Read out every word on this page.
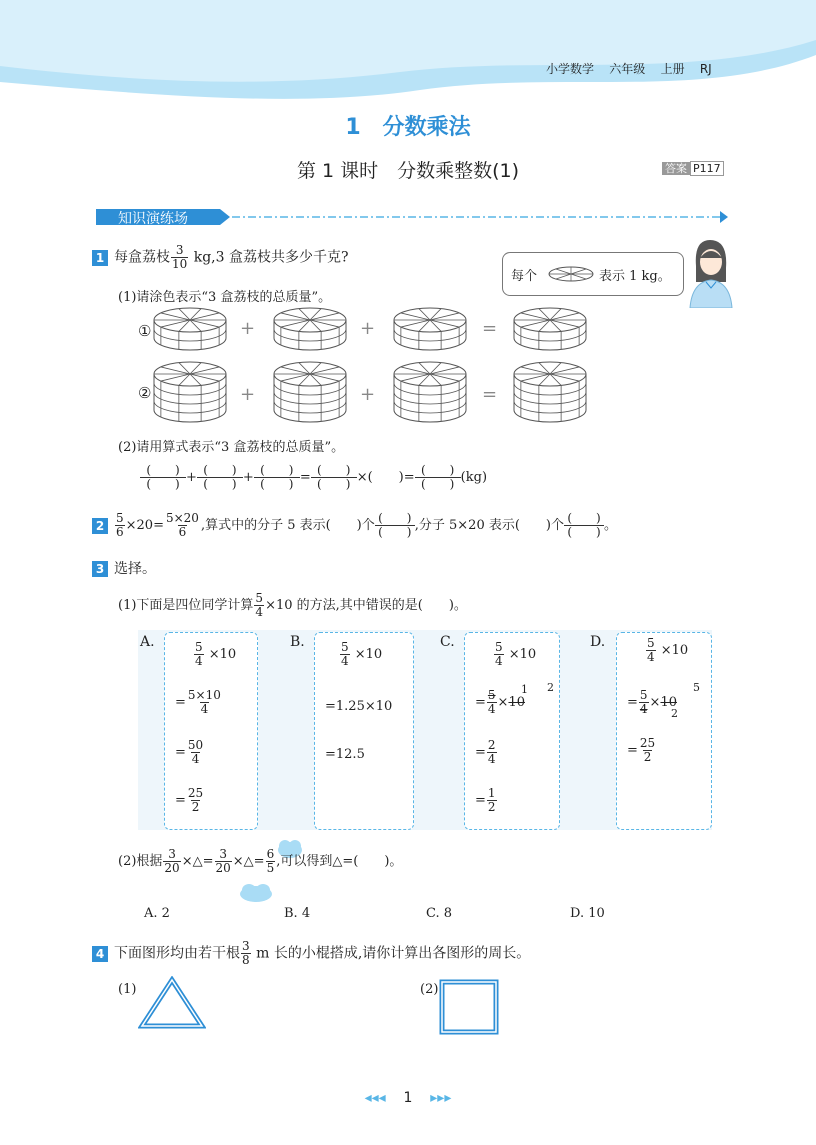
小学数学 六年级 上册 RJ
1　分数乘法
第 1 课时　分数乘整数(1)	答案 P117
知识演练场
1 每盒荔枝 $\frac{3}{10} kg,3$ 盒荔枝共多少千克?
每个	表示 1 kg。
(1)请涂色表示“3 盒荔枝的总质量”。
①
②
+	+	=
+	+	=
(2)请用算式表示“3 盒荔枝的总质量”。
(　　)
(　　) + (　　)
(　　) + (　　)
(　　) = (　　)
(　　) ×(　　)= (　　)
(　　) (kg)
$2 \frac{5}{6} \times 20= \frac{5\times 20}{6}$ ,算式中的分子 5 表示(　　)个 (　　)
(　　) ,分子 5×20 表示(　　)个 (　　)
(　　) 。
3 选择。
(1)下面是四位同学计算 $\frac{5}{4} \times 10$ 的方法,其中错误的是(　　)。
A.	$\frac{5}{4} \times 10$
= $\frac{5\times 10}{4}$
= $\frac{50}{4}$
= $\frac{25}{2}$
B.	$\frac{5}{4} \times 10$
=1.25×10
=12.5
C.	$\frac{5}{4} \times 10$
= $\frac{5}{4} \times 10$
1 2
= $\frac{2}{4}$
= $\frac{1}{2}$
D.	$\frac{5}{4} \times 10$
= $\frac{5}{4} \times 10$
5
2
= $\frac{25}{2}$
(2)根据 $\frac{3}{20}$ ×△= $\frac{3}{20}$ ×△= $\frac{6}{5}$ ,可以得到△=(　　)。
A. 2	B. 4	C. 8	D. 10
4 下面图形均由若干根 $\frac{3}{8}$ m 长的小棍搭成,请你计算出各图形的周长。
(1)	(2)
◂◂◂ 1 ▸▸▸
